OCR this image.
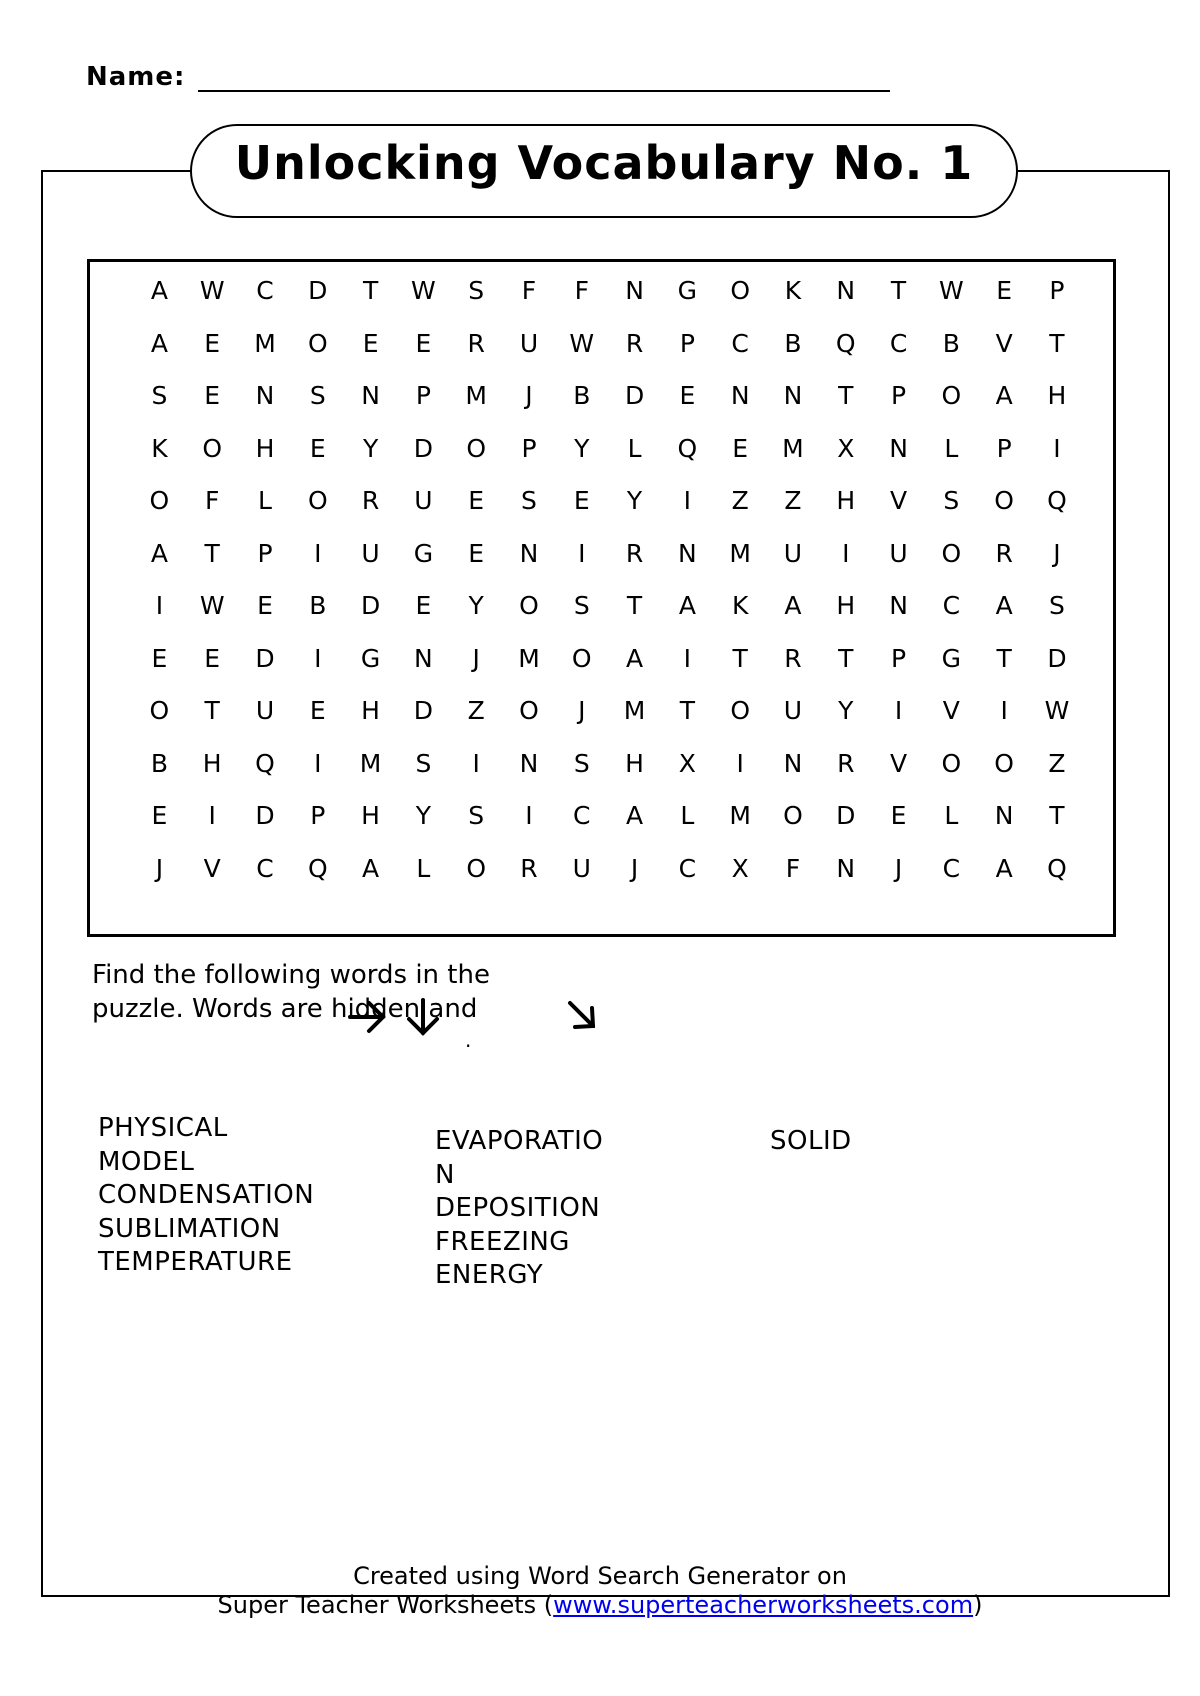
Name:
Unlocking Vocabulary No. 1
A	W	C	D	T	W	S	F	F	N	G	O	K	N	T	W	E	P
A	E	M	O	E	E	R	U	W	R	P	C	B	Q	C	B	V	T
S	E	N	S	N	P	M	J	B	D	E	N	N	T	P	O	A	H
K	O	H	E	Y	D	O	P	Y	L	Q	E	M	X	N	L	P	I
O	F	L	O	R	U	E	S	E	Y	I	Z	Z	H	V	S	O	Q
A	T	P	I	U	G	E	N	I	R	N	M	U	I	U	O	R	J
I	W	E	B	D	E	Y	O	S	T	A	K	A	H	N	C	A	S
E	E	D	I	G	N	J	M	O	A	I	T	R	T	P	G	T	D
O	T	U	E	H	D	Z	O	J	M	T	O	U	Y	I	V	I	W
B	H	Q	I	M	S	I	N	S	H	X	I	N	R	V	O	O	Z
E	I	D	P	H	Y	S	I	C	A	L	M	O	D	E	L	N	T
J	V	C	Q	A	L	O	R	U	J	C	X	F	N	J	C	A	Q
Find the following words in the
puzzle. Words are hidden and
.
PHYSICAL
MODEL
CONDENSATION
SUBLIMATION
TEMPERATURE
EVAPORATIO
N
DEPOSITION
FREEZING
ENERGY
SOLID
Created using Word Search Generator on
Super Teacher Worksheets (www.superteacherworksheets.com)
